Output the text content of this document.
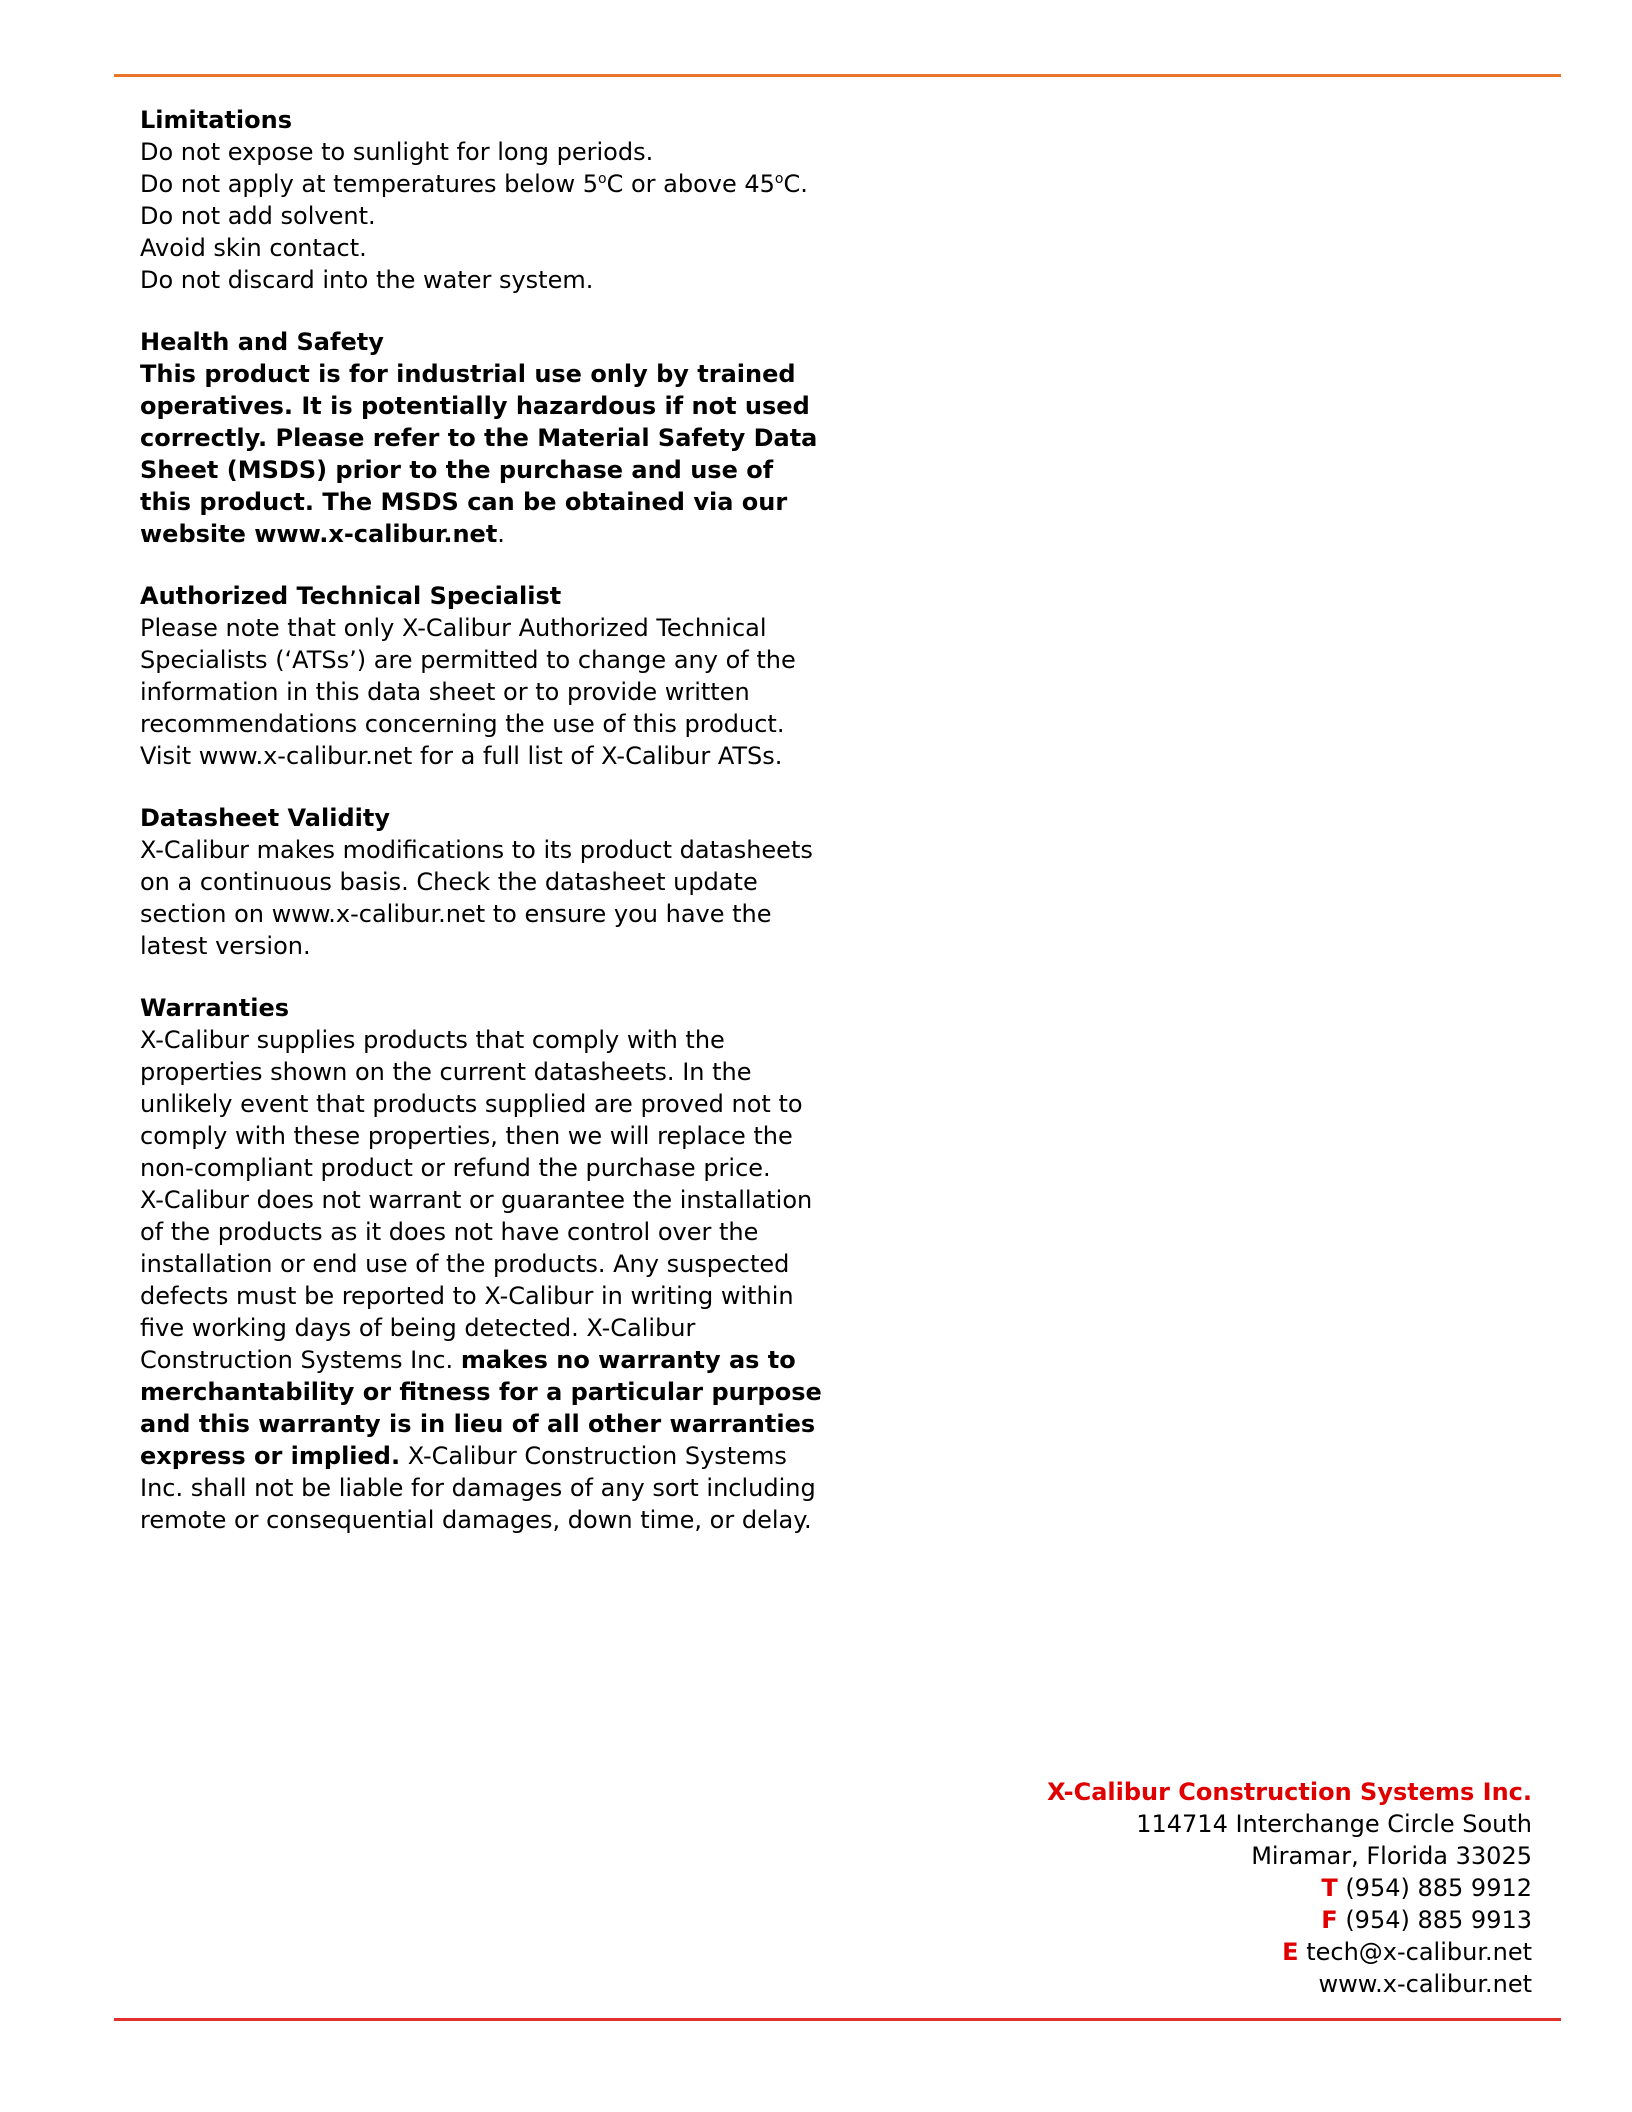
Limitations
Do not expose to sunlight for long periods.
Do not apply at temperatures below 5$^o$C or above 45$^o$C.
Do not add solvent.
Avoid skin contact.
Do not discard into the water system.
Health and Safety
This product is for industrial use only by trained
operatives. It is potentially hazardous if not used
correctly. Please refer to the Material Safety Data
Sheet (MSDS) prior to the purchase and use of
this product. The MSDS can be obtained via our
website www.x-calibur.net.
Authorized Technical Specialist
Please note that only X-Calibur Authorized Technical
Specialists (‘ATSs’) are permitted to change any of the
information in this data sheet or to provide written
recommendations concerning the use of this product.
Visit www.x-calibur.net for a full list of X-Calibur ATSs.
Datasheet Validity
X-Calibur makes modifications to its product datasheets
on a continuous basis. Check the datasheet update
section on www.x-calibur.net to ensure you have the
latest version.
Warranties
X-Calibur supplies products that comply with the
properties shown on the current datasheets. In the
unlikely event that products supplied are proved not to
comply with these properties, then we will replace the
non-compliant product or refund the purchase price.
X-Calibur does not warrant or guarantee the installation
of the products as it does not have control over the
installation or end use of the products. Any suspected
defects must be reported to X-Calibur in writing within
five working days of being detected. X-Calibur
Construction Systems Inc. makes no warranty as to
merchantability or fitness for a particular purpose
and this warranty is in lieu of all other warranties
express or implied. X-Calibur Construction Systems
Inc. shall not be liable for damages of any sort including
remote or consequential damages, down time, or delay.
X-Calibur Construction Systems Inc.
114714 Interchange Circle South
Miramar, Florida 33025
T (954) 885 9912
F (954) 885 9913
E tech@x-calibur.net
www.x-calibur.net
